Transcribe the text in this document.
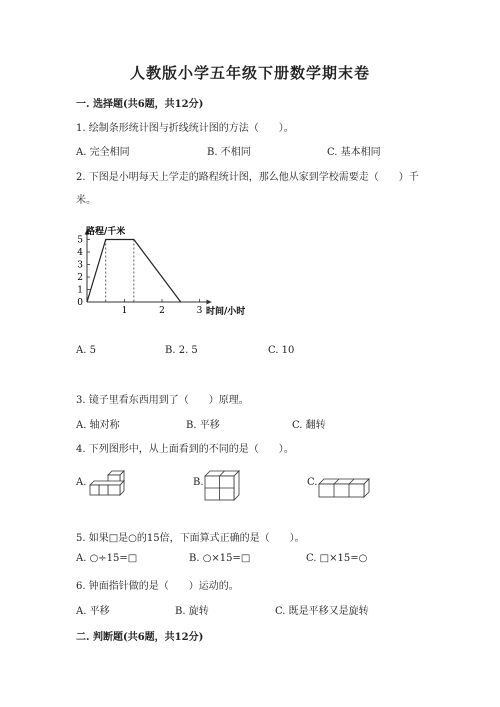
人教版小学五年级下册数学期末卷
一. 选择题(共6题，共12分)
1. 绘制条形统计图与折线统计图的方法（　　）。
A. 完全相同	B. 不相同	C. 基本相同
2. 下图是小明每天上学走的路程统计图，那么他从家到学校需要走（　　）千
米。
0
1
2
3
4
5
1	2	3
路程/千米
时间/小时
A. 5	B. 2. 5	C. 10
3. 镜子里看东西用到了（　　）原理。
A. 轴对称	B. 平移	C. 翻转
4. 下列图形中，从上面看到的不同的是（　　）。
A.	B.	C.
5. 如果□是○的15倍，下面算式正确的是（　　）。
A. ○÷15=□	B. ○×15=□	C. □×15=○
6. 钟面指针做的是（　　）运动的。
A. 平移	B. 旋转	C. 既是平移又是旋转
二. 判断题(共6题，共12分)
